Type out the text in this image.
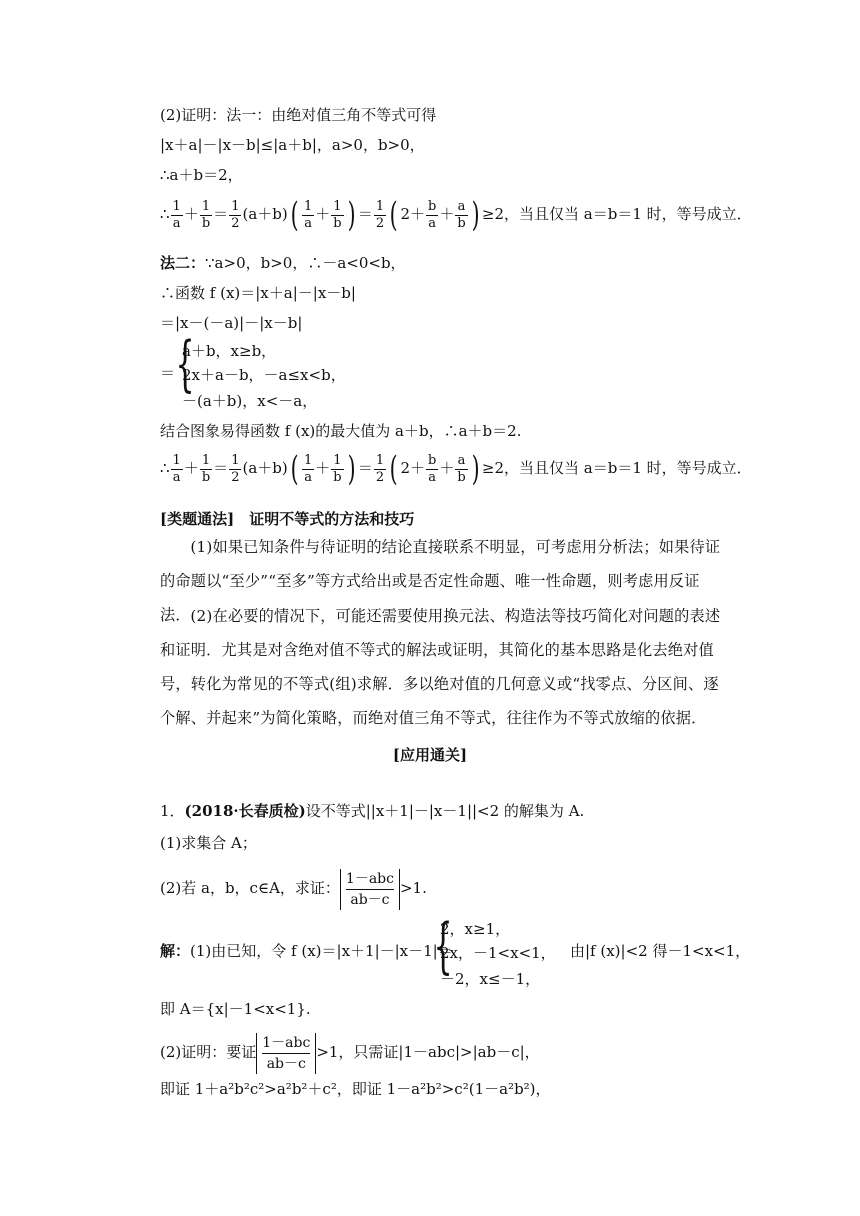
(2)证明：法一：由绝对值三角不等式可得
|x＋a|－|x－b|≤|a＋b|，a>0，b>0，
∴a＋b＝2，
∴ $\frac{1}{a} + \frac{1}{b} = \frac{1}{2} (a+b)( \frac{1}{a} + \frac{1}{b}$ ) ＝ $\frac{1}{2}$ ( $2+ \frac{b}{a} + \frac{a}{b}$ ) ≥2，当且仅当 a＝b＝1 时，等号成立．
法二：∵a>0，b>0，∴－a<0<b，
∴函数 f (x)＝|x＋a|－|x－b|
＝|x－(－a)|－|x－b|
＝ {
a＋b，x≥b，
2x＋a－b，－a≤x<b，
－(a＋b)，x<－a，
结合图象易得函数 f (x)的最大值为 a＋b，∴a＋b＝2.
∴ $\frac{1}{a} + \frac{1}{b} = \frac{1}{2} (a+b)( \frac{1}{a} + \frac{1}{b}$ ) ＝ $\frac{1}{2}$ ( $2+ \frac{b}{a} + \frac{a}{b}$ ) ≥2，当且仅当 a＝b＝1 时，等号成立．
[类题通法]　证明不等式的方法和技巧
(1)如果已知条件与待证明的结论直接联系不明显，可考虑用分析法；如果待证的命题以“至少”“至多”等方式给出或是否定性命题、唯一性命题，则考虑用反证法． (2)在必要的情况下，可能还需要使用换元法、构造法等技巧简化对问题的表述和证明．尤其是对含绝对值不等式的解法或证明，其简化的基本思路是化去绝对值号，转化为常见的不等式(组)求解．多以绝对值的几何意义或“找零点、分区间、逐个解、并起来”为简化策略，而绝对值三角不等式，往往作为不等式放缩的依据．
[应用通关]
1．(2018·长春质检)设不等式||x＋1|－|x－1||<2 的解集为 A.
(1)求集合 A；
(2)若 a，b，c∈A，求证： $\frac{\text{1－abc}}{ab-c} >1$.
解：(1)由已知，令 f (x)＝|x＋1|－|x－1|＝
{
2，x≥1，
2x，－1<x<1，
－2，x≤－1，
由|f (x)|<2 得－1<x<1，
即 A＝{x|－1<x<1}.
(2)证明：要证 $\frac{\text{1－abc}}{ab-c} >1$，只需证|1－abc|>|ab－c|，
即证 1＋a²b²c²>a²b²＋c²，即证 1－a²b²>c²(1－a²b²)，
